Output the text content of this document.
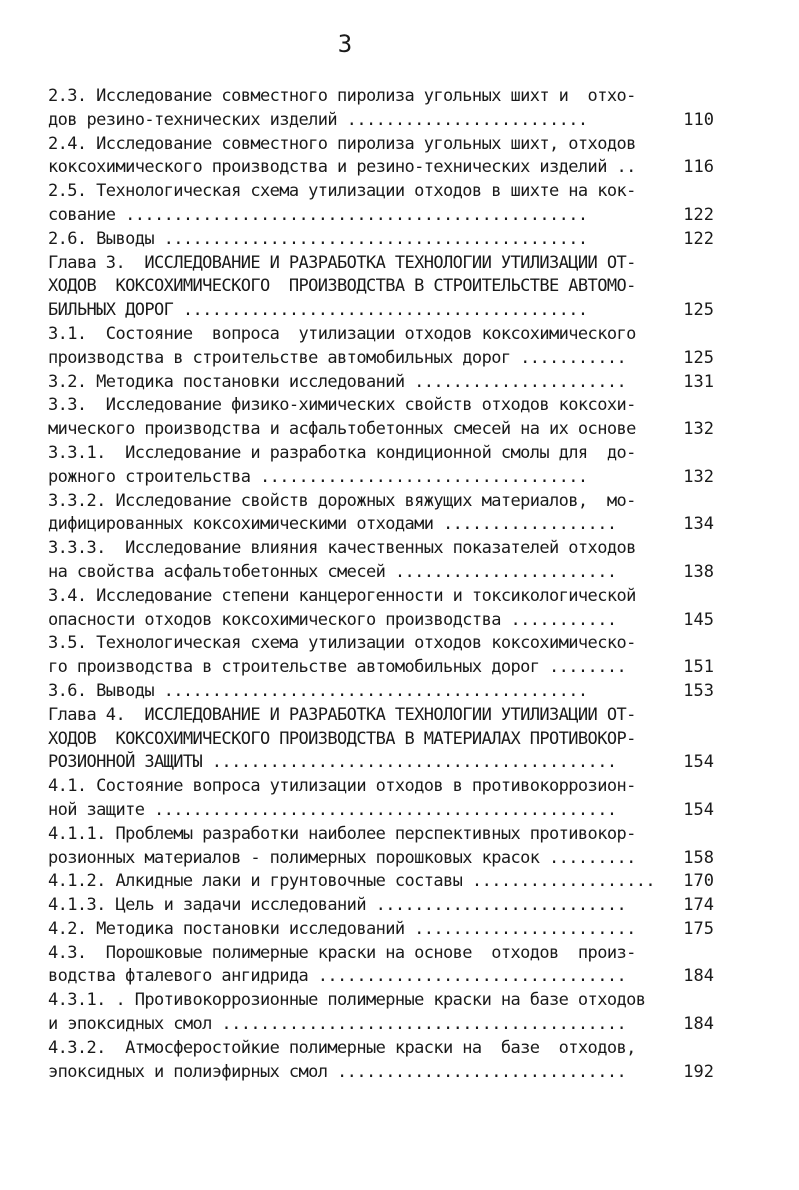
3
2.3. Исследование совместного пиролиза угольных шихт и  отхо-
дов резино-технических изделий .........................	110
2.4. Исследование совместного пиролиза угольных шихт, отходов
коксохимического производства и резино-технических изделий ..	116
2.5. Технологическая схема утилизации отходов в шихте на кок-
сование ................................................	122
2.6. Выводы ............................................	122
Глава 3.  ИССЛЕДОВАНИЕ И РАЗРАБОТКА ТЕХНОЛОГИИ УТИЛИЗАЦИИ ОТ-
ХОДОВ  КОКСОХИМИЧЕСКОГО  ПРОИЗВОДСТВА В СТРОИТЕЛЬСТВЕ АВТОМО-
БИЛЬНЫХ ДОРОГ ..........................................	125
3.1.  Состояние  вопроса  утилизации отходов коксохимического
производства в строительстве автомобильных дорог ...........	125
3.2. Методика постановки исследований ......................	131
3.3.  Исследование физико-химических свойств отходов коксохи-
мического производства и асфальтобетонных смесей на их основе	132
3.3.1.  Исследование и разработка кондиционной смолы для  до-
рожного строительства ..................................	132
3.3.2. Исследование свойств дорожных вяжущих материалов,  мо-
дифицированных коксохимическими отходами ..................	134
3.3.3.  Исследование влияния качественных показателей отходов
на свойства асфальтобетонных смесей .......................	138
3.4. Исследование степени канцерогенности и токсикологической
опасности отходов коксохимического производства ...........	145
3.5. Технологическая схема утилизации отходов коксохимическо-
го производства в строительстве автомобильных дорог ........	151
3.6. Выводы ............................................	153
Глава 4.  ИССЛЕДОВАНИЕ И РАЗРАБОТКА ТЕХНОЛОГИИ УТИЛИЗАЦИИ ОТ-
ХОДОВ  КОКСОХИМИЧЕСКОГО ПРОИЗВОДСТВА В МАТЕРИАЛАХ ПРОТИВОКОР-
РОЗИОННОЙ ЗАЩИТЫ ..........................................	154
4.1. Состояние вопроса утилизации отходов в противокоррозион-
ной защите ................................................	154
4.1.1. Проблемы разработки наиболее перспективных противокор-
розионных материалов - полимерных порошковых красок .........	158
4.1.2. Алкидные лаки и грунтовочные составы ...................	170
4.1.3. Цель и задачи исследований ..........................	174
4.2. Методика постановки исследований .......................	175
4.3.  Порошковые полимерные краски на основе  отходов  произ-
водства фталевого ангидрида ................................	184
4.3.1. . Противокоррозионные полимерные краски на базе отходов
и эпоксидных смол ..........................................	184
4.3.2.  Атмосферостойкие полимерные краски на  базе  отходов,
эпоксидных и полиэфирных смол ..............................	192
